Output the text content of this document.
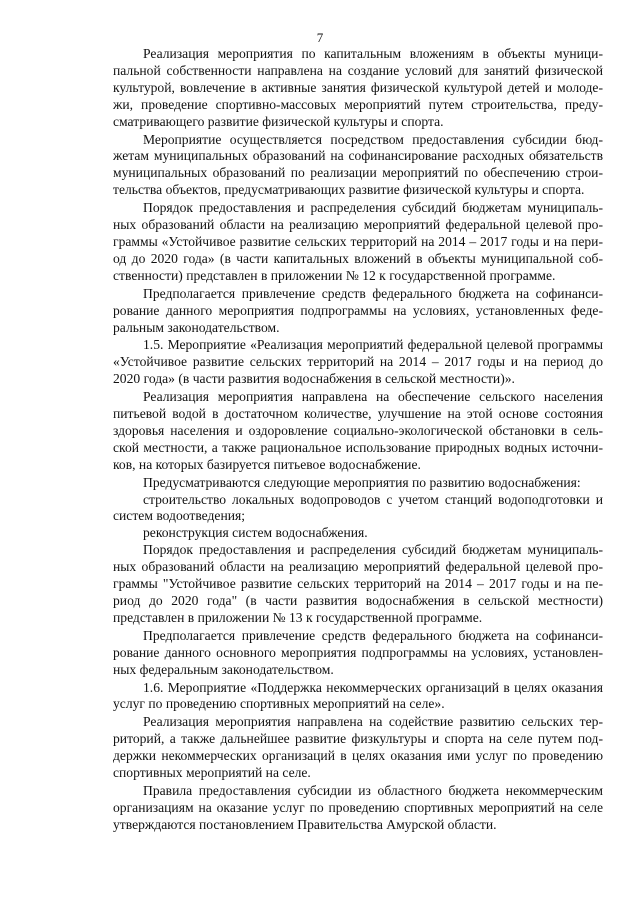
7

Реализация мероприятия по капитальным вложениям в объекты муниципальной собственности направлена на создание условий для занятий физической культурой, вовлечение в активные занятия физической культурой детей и молодежи, проведение спортивно-массовых мероприятий путем строительства, предусматривающего развитие физической культуры и спорта.

Мероприятие осуществляется посредством предоставления субсидии бюджетам муниципальных образований на софинансирование расходных обязательств муниципальных образований по реализации мероприятий по обеспечению строительства объектов, предусматривающих развитие физической культуры и спорта.

Порядок предоставления и распределения субсидий бюджетам муниципальных образований области на реализацию мероприятий федеральной целевой программы «Устойчивое развитие сельских территорий на 2014 – 2017 годы и на период до 2020 года» (в части капитальных вложений в объекты муниципальной собственности) представлен в приложении № 12 к государственной программе.

Предполагается привлечение средств федерального бюджета на софинансирование данного мероприятия подпрограммы на условиях, установленных федеральным законодательством.

1.5. Мероприятие «Реализация мероприятий федеральной целевой программы «Устойчивое развитие сельских территорий на 2014 – 2017 годы и на период до 2020 года» (в части развития водоснабжения в сельской местности)».

Реализация мероприятия направлена на обеспечение сельского населения питьевой водой в достаточном количестве, улучшение на этой основе состояния здоровья населения и оздоровление социально-экологической обстановки в сельской местности, а также рациональное использование природных водных источников, на которых базируется питьевое водоснабжение.

Предусматриваются следующие мероприятия по развитию водоснабжения:

строительство локальных водопроводов с учетом станций водоподготовки и систем водоотведения;

реконструкция систем водоснабжения.

Порядок предоставления и распределения субсидий бюджетам муниципальных образований области на реализацию мероприятий федеральной целевой программы "Устойчивое развитие сельских территорий на 2014 – 2017 годы и на период до 2020 года" (в части развития водоснабжения в сельской местности) представлен в приложении № 13 к государственной программе.

Предполагается привлечение средств федерального бюджета на софинансирование данного основного мероприятия подпрограммы на условиях, установленных федеральным законодательством.

1.6. Мероприятие «Поддержка некоммерческих организаций в целях оказания услуг по проведению спортивных мероприятий на селе».

Реализация мероприятия направлена на содействие развитию сельских территорий, а также дальнейшее развитие физкультуры и спорта на селе путем поддержки некоммерческих организаций в целях оказания ими услуг по проведению спортивных мероприятий на селе.

Правила предоставления субсидии из областного бюджета некоммерческим организациям на оказание услуг по проведению спортивных мероприятий на селе утверждаются постановлением Правительства Амурской области.
